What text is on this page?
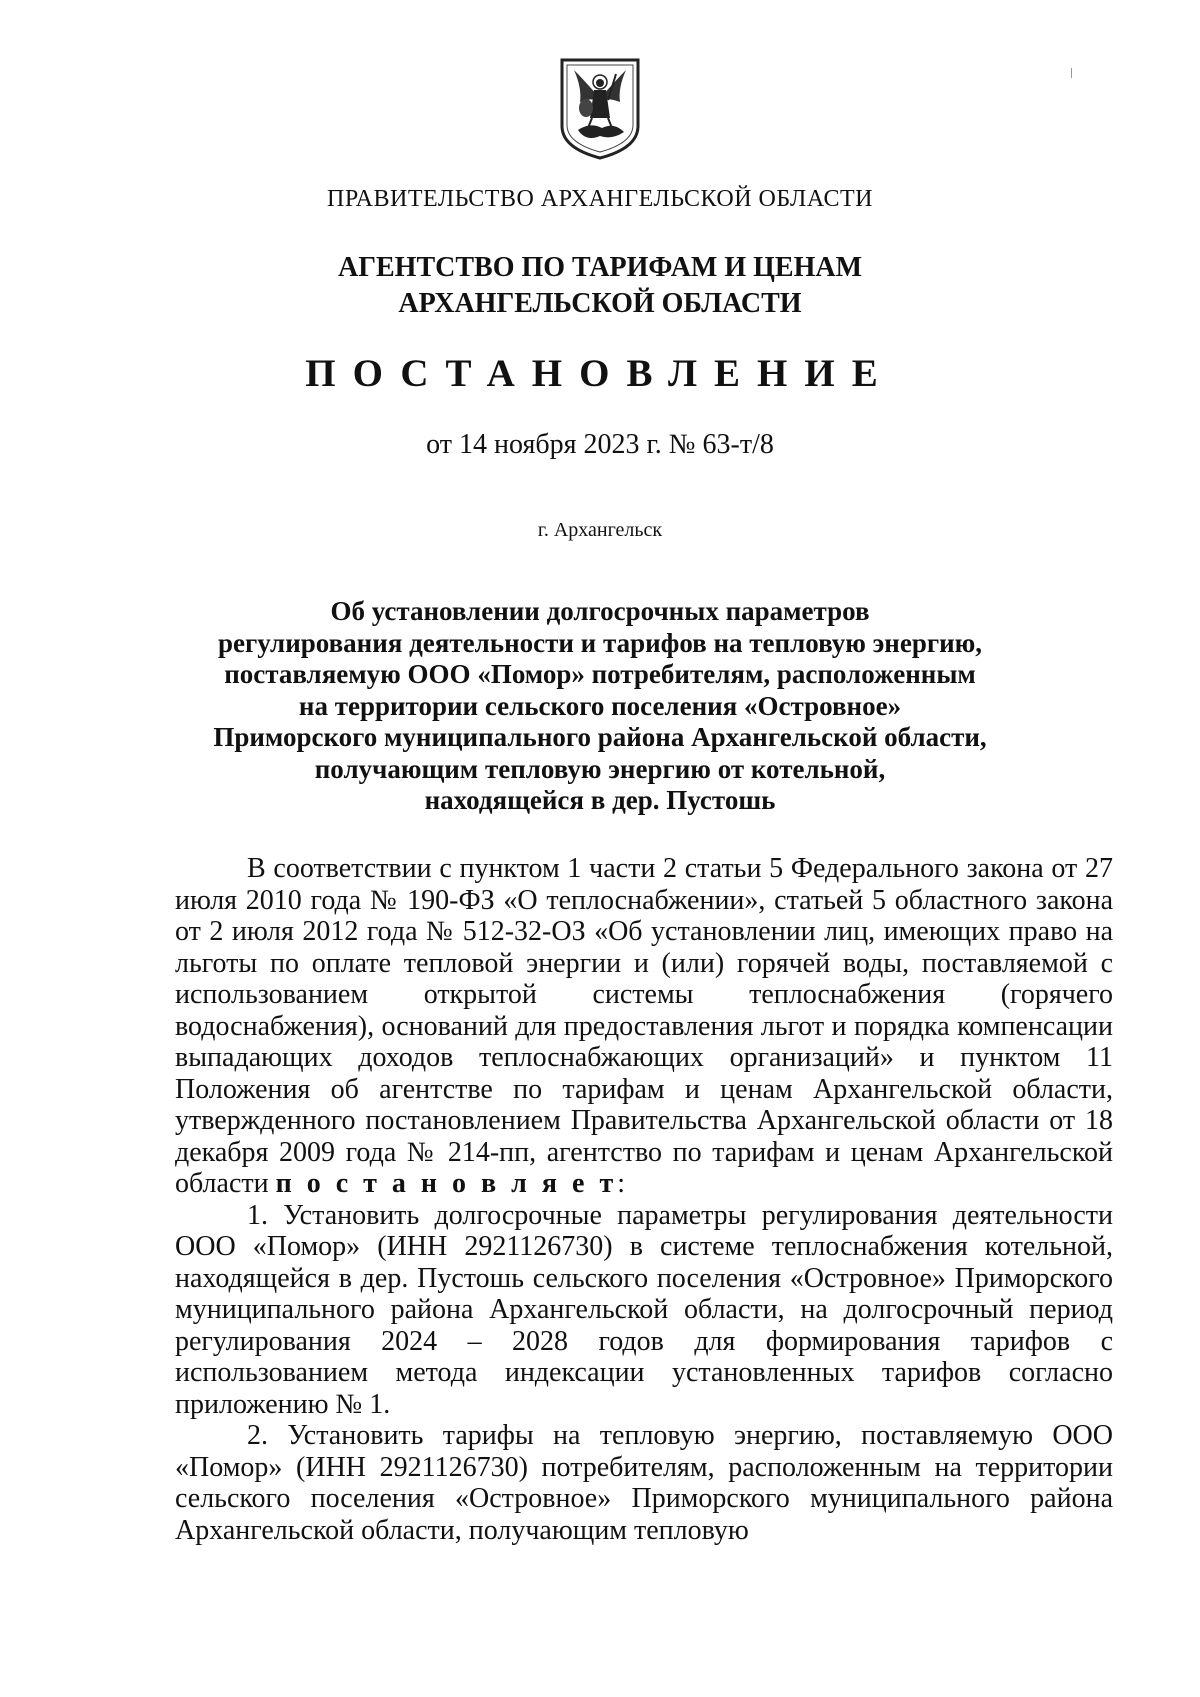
ПРАВИТЕЛЬСТВО АРХАНГЕЛЬСКОЙ ОБЛАСТИ
АГЕНТСТВО ПО ТАРИФАМ И ЦЕНАМ
АРХАНГЕЛЬСКОЙ ОБЛАСТИ
ПОСТАНОВЛЕНИЕ
от 14 ноября 2023 г. № 63-т/8
г. Архангельск
Об установлении долгосрочных параметров
регулирования деятельности и тарифов на тепловую энергию,
поставляемую ООО «Помор» потребителям, расположенным
на территории сельского поселения «Островное»
Приморского муниципального района Архангельской области,
получающим тепловую энергию от котельной,
находящейся в дер. Пустошь

В соответствии с пунктом 1 части 2 статьи 5 Федерального закона от 27 июля 2010 года № 190-ФЗ «О теплоснабжении», статьей 5 областного закона от 2 июля 2012 года № 512-32-ОЗ «Об установлении лиц, имеющих право на льготы по оплате тепловой энергии и (или) горячей воды, поставляемой с использованием открытой системы теплоснабжения (горячего водоснабжения), оснований для предоставления льгот и порядка компенсации выпадающих доходов теплоснабжающих организаций» и пунктом 11 Положения об агентстве по тарифам и ценам Архангельской области, утвержденного постановлением Правительства Архангельской области от 18 декабря 2009 года № 214-пп, агентство по тарифам и ценам Архангельской области п о с т а н о в л я е т:

1. Установить долгосрочные параметры регулирования деятельности ООО «Помор» (ИНН 2921126730) в системе теплоснабжения котельной, находящейся в дер. Пустошь сельского поселения «Островное» Приморского муниципального района Архангельской области, на долгосрочный период регулирования 2024 – 2028 годов для формирования тарифов с использованием метода индексации установленных тарифов согласно приложению № 1.

2. Установить тарифы на тепловую энергию, поставляемую ООО «Помор» (ИНН 2921126730) потребителям, расположенным на территории сельского поселения «Островное» Приморского муниципального района Архангельской области, получающим тепловую
